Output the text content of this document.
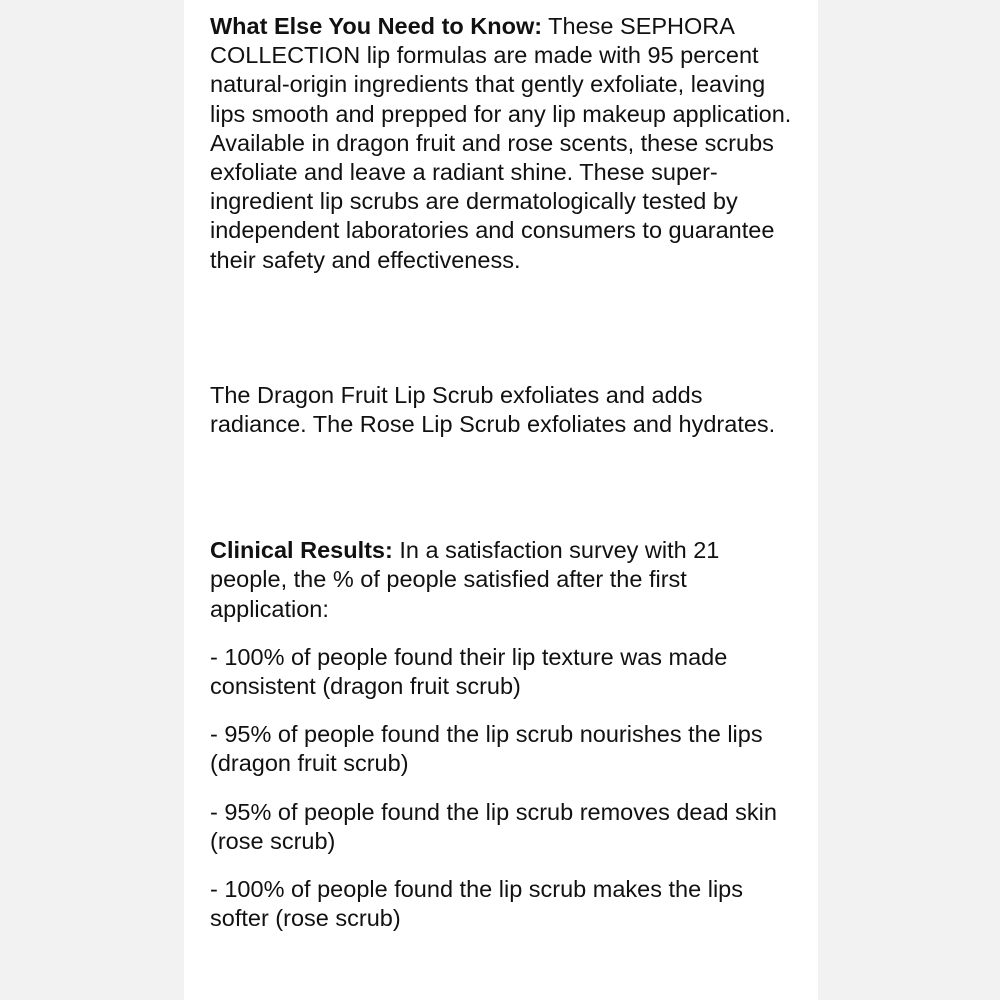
What Else You Need to Know: These SEPHORA COLLECTION lip formulas are made with 95 percent natural-origin ingredients that gently exfoliate, leaving lips smooth and prepped for any lip makeup application. Available in dragon fruit and rose scents, these scrubs exfoliate and leave a radiant shine. These super-ingredient lip scrubs are dermatologically tested by independent laboratories and consumers to guarantee their safety and effectiveness.

The Dragon Fruit Lip Scrub exfoliates and adds radiance. The Rose Lip Scrub exfoliates and hydrates.

Clinical Results: In a satisfaction survey with 21 people, the % of people satisfied after the first application:

- 100% of people found their lip texture was made consistent (dragon fruit scrub)

- 95% of people found the lip scrub nourishes the lips (dragon fruit scrub)

- 95% of people found the lip scrub removes dead skin (rose scrub)

- 100% of people found the lip scrub makes the lips softer (rose scrub)
